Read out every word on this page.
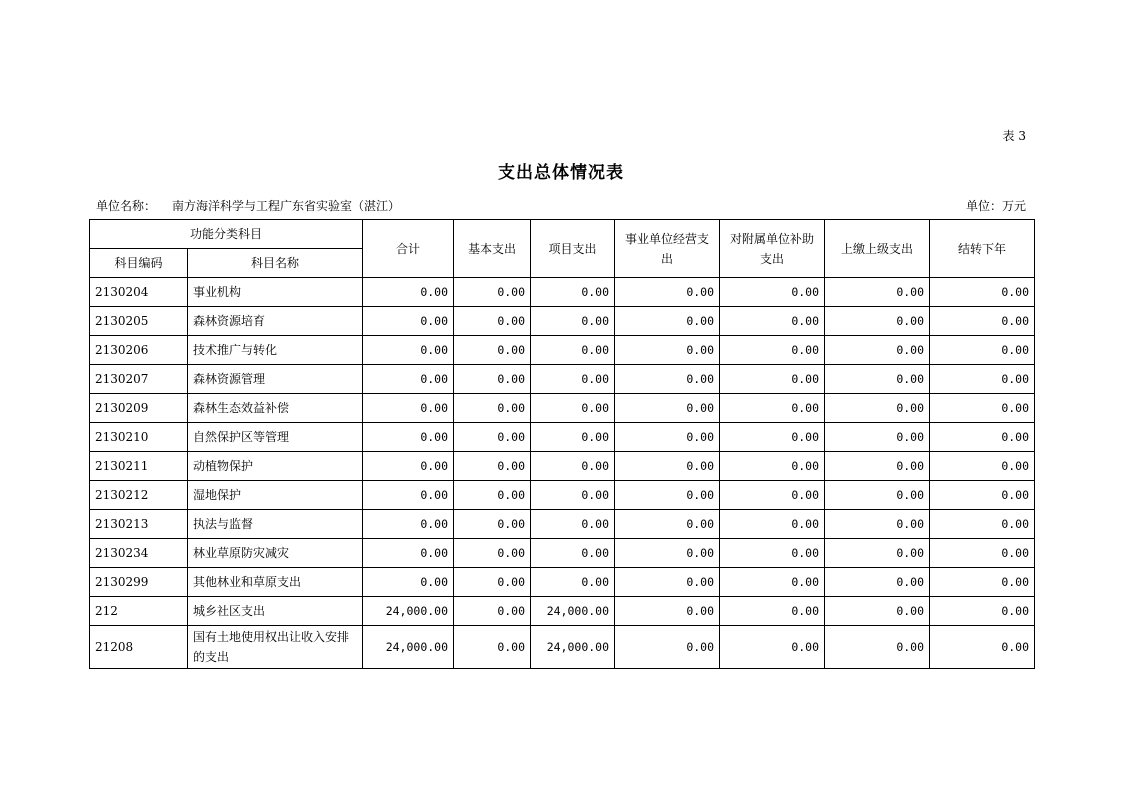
表 3
支出总体情况表
单位名称： 南方海洋科学与工程广东省实验室（湛江）	单位：万元
功能分类科目		合计	基本支出	项目支出	事业单位经营支出	对附属单位补助支出	上缴上级支出	结转下年
科目编码	科目名称							
2130204	事业机构	0.00	0.00	0.00	0.00	0.00	0.00	0.00
2130205	森林资源培育	0.00	0.00	0.00	0.00	0.00	0.00	0.00
2130206	技术推广与转化	0.00	0.00	0.00	0.00	0.00	0.00	0.00
2130207	森林资源管理	0.00	0.00	0.00	0.00	0.00	0.00	0.00
2130209	森林生态效益补偿	0.00	0.00	0.00	0.00	0.00	0.00	0.00
2130210	自然保护区等管理	0.00	0.00	0.00	0.00	0.00	0.00	0.00
2130211	动植物保护	0.00	0.00	0.00	0.00	0.00	0.00	0.00
2130212	湿地保护	0.00	0.00	0.00	0.00	0.00	0.00	0.00
2130213	执法与监督	0.00	0.00	0.00	0.00	0.00	0.00	0.00
2130234	林业草原防灾减灾	0.00	0.00	0.00	0.00	0.00	0.00	0.00
2130299	其他林业和草原支出	0.00	0.00	0.00	0.00	0.00	0.00	0.00
212	城乡社区支出	24,000.00	0.00	24,000.00	0.00	0.00	0.00	0.00
21208	国有土地使用权出让收入安排的支出	24,000.00	0.00	24,000.00	0.00	0.00	0.00	0.00
